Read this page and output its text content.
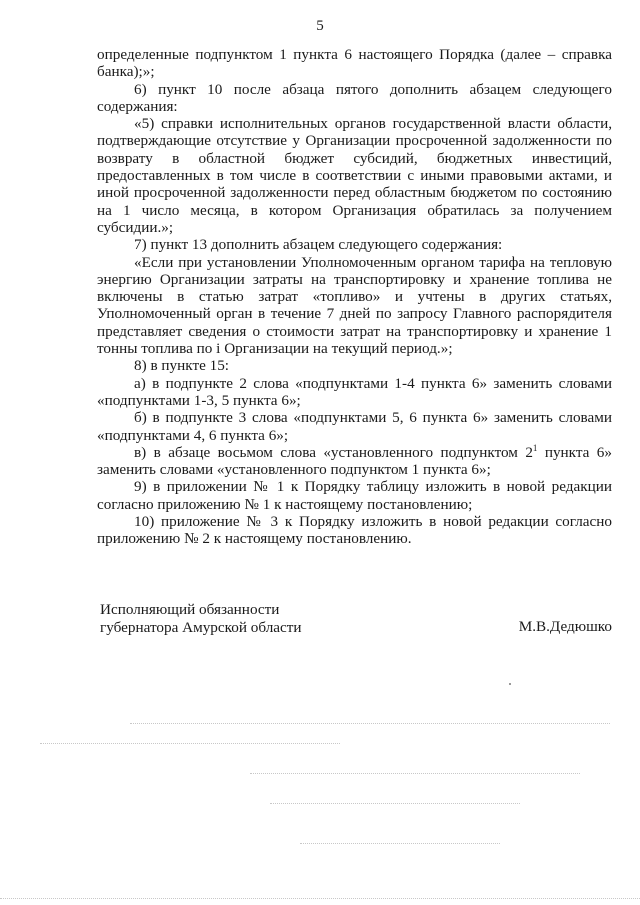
5

определенные подпунктом 1 пункта 6 настоящего Порядка (далее – справка банка);»;

6) пункт 10 после абзаца пятого дополнить абзацем следующего содержания:

«5) справки исполнительных органов государственной власти области, подтверждающие отсутствие у Организации просроченной задолженности по возврату в областной бюджет субсидий, бюджетных инвестиций, предоставленных в том числе в соответствии с иными правовыми актами, и иной просроченной задолженности перед областным бюджетом по состоянию на 1 число месяца, в котором Организация обратилась за получением субсидии.»;

7) пункт 13 дополнить абзацем следующего содержания:

«Если при установлении Уполномоченным органом тарифа на тепловую энергию Организации затраты на транспортировку и хранение топлива не включены в статью затрат «топливо» и учтены в других статьях, Уполномоченный орган в течение 7 дней по запросу Главного распорядителя представляет сведения о стоимости затрат на транспортировку и хранение 1 тонны топлива по і Организации на текущий период.»;

8) в пункте 15:

а) в подпункте 2 слова «подпунктами 1-4 пункта 6» заменить словами «подпунктами 1-3, 5 пункта 6»;

б) в подпункте 3 слова «подпунктами 5, 6 пункта 6» заменить словами «подпунктами 4, 6 пункта 6»;

в) в абзаце восьмом слова «установленного подпунктом $2^1$ пункта 6» заменить словами «установленного подпунктом 1 пункта 6»;

9) в приложении № 1 к Порядку таблицу изложить в новой редакции согласно приложению № 1 к настоящему постановлению;

10) приложение № 3 к Порядку изложить в новой редакции согласно приложению № 2 к настоящему постановлению.

Исполняющий обязанности
губернатора Амурской области	М.В.Дедюшко
